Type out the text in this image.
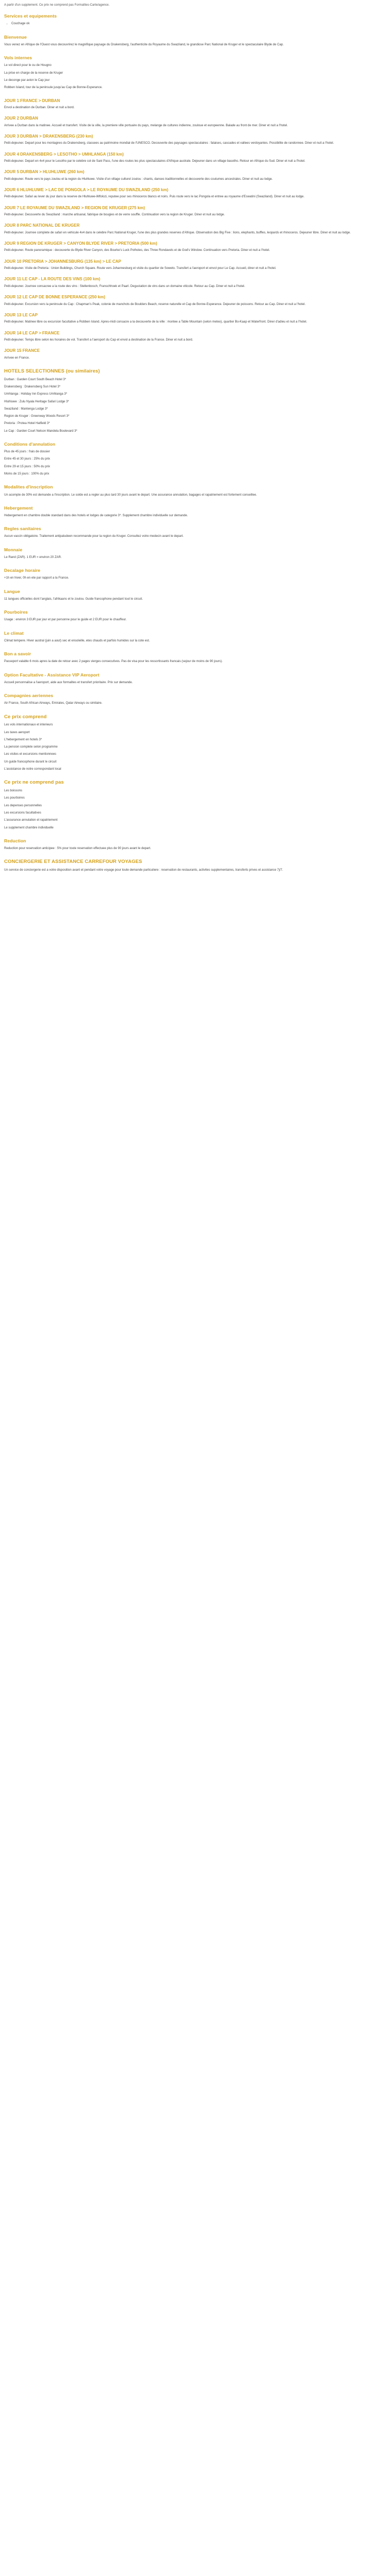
A partir d'un supplement. Ce prix ne comprend pas Formalites-Carte/agence.

Services et equipements
• Couchage ok
Bienvenue

Vous venez en Afrique de l'Ouest vous decouvrirez le magnifique paysage du Drakensberg, l'authenticite du Royaume du Swaziland, le grandiose Parc National de Kruger et le spectaculaire Blyde de Cap.

Vols internes

Le vol direct pour le ou de Hougno

La prise en charge de la reserve de Kruger

Le deconge par avion le Cap jour

Robben Island, tour de la peninsule jusqu'au Cap de Bonne-Esperance.

JOUR 1 FRANCE > DURBAN

Envol a destination de Durban. Diner et nuit a bord.

JOUR 2 DURBAN

Arrivee a Durban dans la matinee. Accueil et transfert. Visite de la ville, la premiere ville portuaire du pays, melange de cultures indienne, zouloue et europeenne. Balade au front de mer. Diner et nuit a l'hotel.

JOUR 3 DURBAN > DRAKENSBERG (230 km)

Petit-dejeuner. Depart pour les montagnes du Drakensberg, classees au patrimoine mondial de l'UNESCO. Decouverte des paysages spectaculaires : falaises, cascades et vallees verdoyantes. Possibilite de randonnee. Diner et nuit a l'hotel.

JOUR 4 DRAKENSBERG > LESOTHO > UMHLANGA (150 km)

Petit-dejeuner. Depart en 4x4 pour le Lesotho par le celebre col de Sani Pass, l'une des routes les plus spectaculaires d'Afrique australe. Dejeuner dans un village basotho. Retour en Afrique du Sud. Diner et nuit a l'hotel.

JOUR 5 DURBAN > HLUHLUWE (260 km)

Petit-dejeuner. Route vers le pays zoulou et la region du Hluhluwe. Visite d'un village culturel zoulou : chants, danses traditionnelles et decouverte des coutumes ancestrales. Diner et nuit au lodge.

JOUR 6 HLUHLUWE > LAC DE PONGOLA > LE ROYAUME DU SWAZILAND (250 km)

Petit-dejeuner. Safari au lever du jour dans la reserve de Hluhluwe-iMfolozi, reputee pour ses rhinoceros blancs et noirs. Puis route vers le lac Pongola et entree au royaume d'Eswatini (Swaziland). Diner et nuit au lodge.

JOUR 7 LE ROYAUME DU SWAZILAND > REGION DE KRUGER (275 km)

Petit-dejeuner. Decouverte du Swaziland : marche artisanal, fabrique de bougies et de verre souffle. Continuation vers la region de Kruger. Diner et nuit au lodge.

JOUR 8 PARC NATIONAL DE KRUGER

Petit-dejeuner. Journee complete de safari en vehicule 4x4 dans le celebre Parc National Kruger, l'une des plus grandes reserves d'Afrique. Observation des Big Five : lions, elephants, buffles, leopards et rhinoceros. Dejeuner libre. Diner et nuit au lodge.

JOUR 9 REGION DE KRUGER > CANYON BLYDE RIVER > PRETORIA (500 km)

Petit-dejeuner. Route panoramique : decouverte du Blyde River Canyon, des Bourke's Luck Potholes, des Three Rondavels et de God's Window. Continuation vers Pretoria. Diner et nuit a l'hotel.

JOUR 10 PRETORIA > JOHANNESBURG (135 km) > LE CAP

Petit-dejeuner. Visite de Pretoria : Union Buildings, Church Square. Route vers Johannesburg et visite du quartier de Soweto. Transfert a l'aeroport et envol pour Le Cap. Accueil, diner et nuit a l'hotel.

JOUR 11 LE CAP - LA ROUTE DES VINS (100 km)

Petit-dejeuner. Journee consacree a la route des vins : Stellenbosch, Franschhoek et Paarl. Degustation de vins dans un domaine viticole. Retour au Cap. Diner et nuit a l'hotel.

JOUR 12 LE CAP DE BONNE ESPERANCE (250 km)

Petit-dejeuner. Excursion vers la peninsule du Cap : Chapman's Peak, colonie de manchots de Boulders Beach, reserve naturelle et Cap de Bonne-Esperance. Dejeuner de poissons. Retour au Cap. Diner et nuit a l'hotel.

JOUR 13 LE CAP

Petit-dejeuner. Matinee libre ou excursion facultative a Robben Island. Apres-midi consacre a la decouverte de la ville : montee a Table Mountain (selon meteo), quartier Bo-Kaap et Waterfront. Diner d'adieu et nuit a l'hotel.

JOUR 14 LE CAP > FRANCE

Petit-dejeuner. Temps libre selon les horaires de vol. Transfert a l'aeroport du Cap et envol a destination de la France. Diner et nuit a bord.

JOUR 15 FRANCE

Arrivee en France.

HOTELS SELECTIONNES (ou similaires)

Durban : Garden Court South Beach Hotel 3*

Drakensberg : Drakensberg Sun Hotel 3*

Umhlanga : Holiday Inn Express Umhlanga 3*

Hluhluwe : Zulu Nyala Heritage Safari Lodge 3*

Swaziland : Mantenga Lodge 3*

Region de Kruger : Greenway Woods Resort 3*

Pretoria : Protea Hotel Hatfield 3*

Le Cap : Garden Court Nelson Mandela Boulevard 3*

Conditions d'annulation

Plus de 45 jours : frais de dossier

Entre 45 et 30 jours : 25% du prix

Entre 29 et 15 jours : 50% du prix

Moins de 15 jours : 100% du prix

Modalites d'inscription

Un acompte de 30% est demande a l'inscription. Le solde est a regler au plus tard 30 jours avant le depart. Une assurance annulation, bagages et rapatriement est fortement conseillee.

Hebergement

Hebergement en chambre double standard dans des hotels et lodges de categorie 3*. Supplement chambre individuelle sur demande.

Regles sanitaires

Aucun vaccin obligatoire. Traitement antipaludeen recommande pour la region du Kruger. Consultez votre medecin avant le depart.

Monnaie

Le Rand (ZAR). 1 EUR = environ 20 ZAR.

Decalage horaire

+1h en hiver, 0h en ete par rapport a la France.

Langue

11 langues officielles dont l'anglais, l'afrikaans et le zoulou. Guide francophone pendant tout le circuit.

Pourboires

Usage : environ 3 EUR par jour et par personne pour le guide et 2 EUR pour le chauffeur.

Le climat

Climat tempere. Hiver austral (juin a aout) sec et ensoleille, etes chauds et parfois humides sur la cote est.

Bon a savoir

Passeport valable 6 mois apres la date de retour avec 2 pages vierges consecutives. Pas de visa pour les ressortissants francais (sejour de moins de 90 jours).

Option Facultative - Assistance VIP Aeroport

Accueil personnalise a l'aeroport, aide aux formalites et transfert prioritaire. Prix sur demande.

Compagnies aeriennes

Air France, South African Airways, Emirates, Qatar Airways ou similaire.

Ce prix comprend

Les vols internationaux et interieurs

Les taxes aeroport

L'hebergement en hotels 3*

La pension complete selon programme

Les visites et excursions mentionnees

Un guide francophone durant le circuit

L'assistance de notre correspondant local

Ce prix ne comprend pas

Les boissons

Les pourboires

Les depenses personnelles

Les excursions facultatives

L'assurance annulation et rapatriement

Le supplement chambre individuelle

Reduction

Reduction pour reservation anticipee : 5% pour toute reservation effectuee plus de 90 jours avant le depart.

CONCIERGERIE ET ASSISTANCE CARREFOUR VOYAGES

Un service de conciergerie est a votre disposition avant et pendant votre voyage pour toute demande particuliere : reservation de restaurants, activites supplementaires, transferts prives et assistance 7j/7.
